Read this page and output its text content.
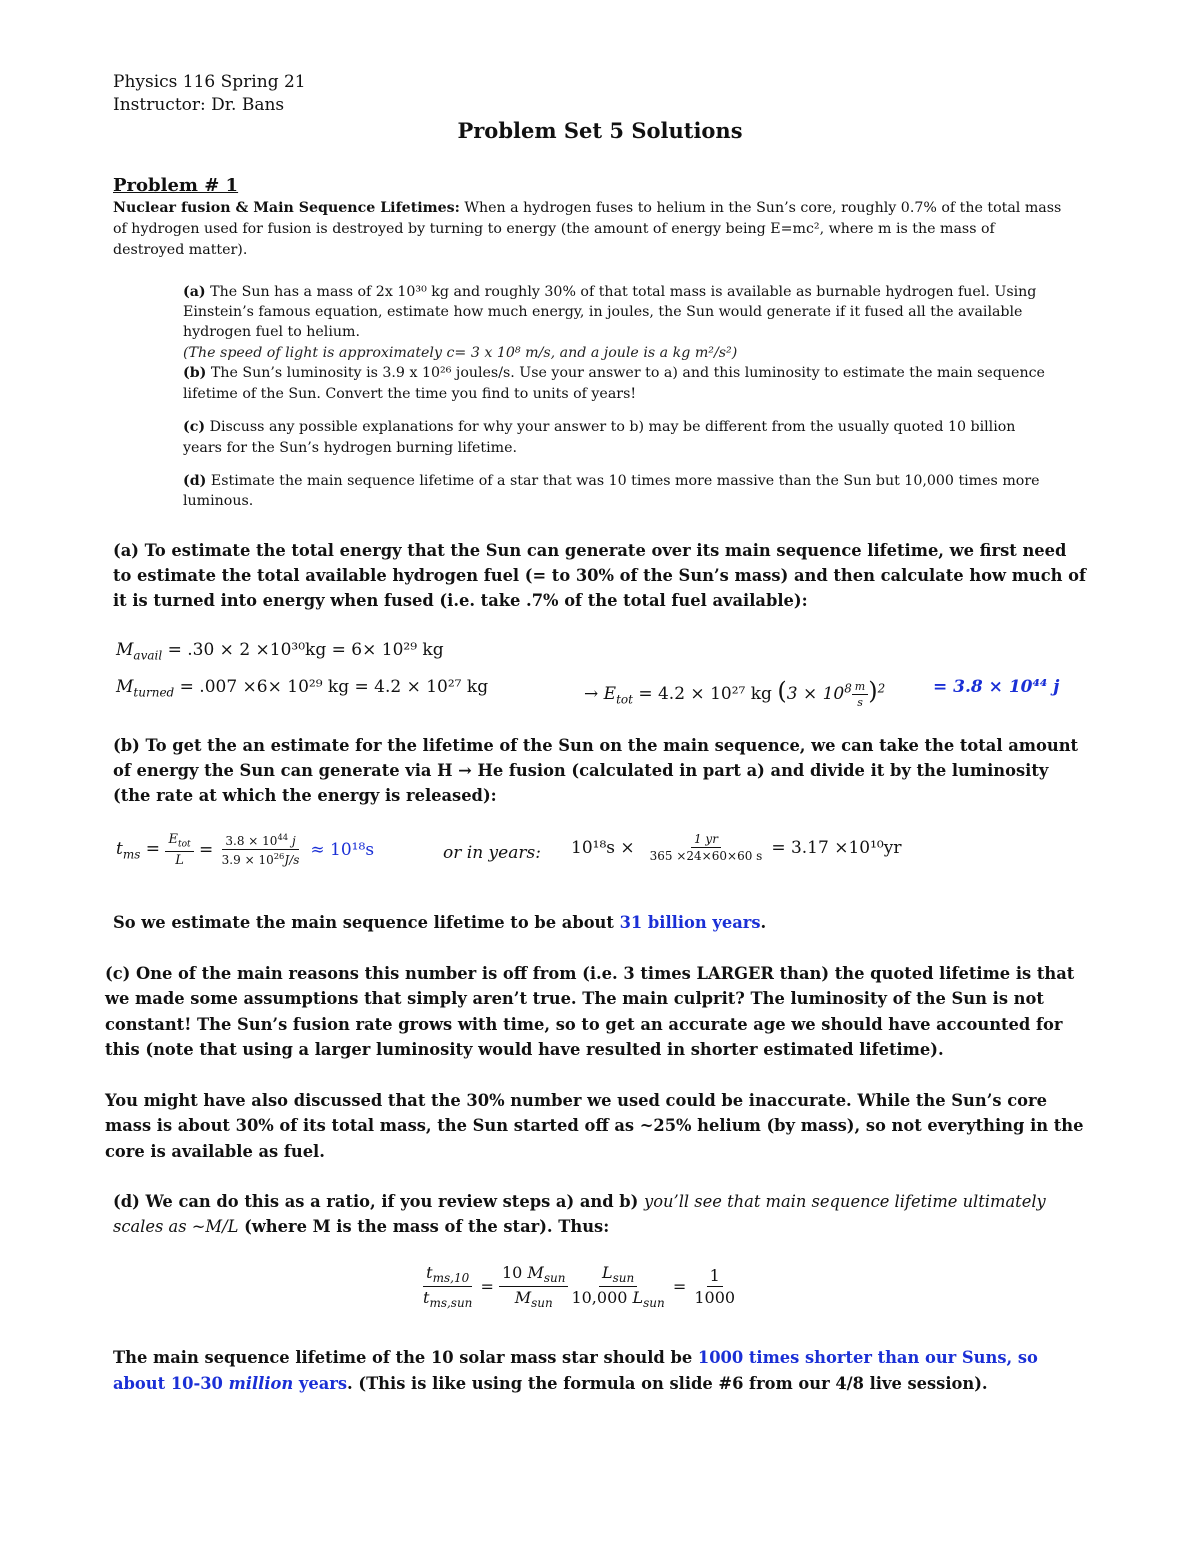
Physics 116 Spring 21
Instructor: Dr. Bans
Problem Set 5 Solutions
Problem # 1
Nuclear fusion & Main Sequence Lifetimes: When a hydrogen fuses to helium in the Sun’s core, roughly 0.7% of the total mass
of hydrogen used for fusion is destroyed by turning to energy (the amount of energy being E=mc², where m is the mass of
destroyed matter).
(a) The Sun has a mass of 2x 10³⁰ kg and roughly 30% of that total mass is available as burnable hydrogen fuel. Using
Einstein’s famous equation, estimate how much energy, in joules, the Sun would generate if it fused all the available
hydrogen fuel to helium.
(The speed of light is approximately c= 3 x 10⁸ m/s, and a joule is a kg m²/s²)
(b) The Sun’s luminosity is 3.9 x 10²⁶ joules/s. Use your answer to a) and this luminosity to estimate the main sequence
lifetime of the Sun. Convert the time you find to units of years!
(c) Discuss any possible explanations for why your answer to b) may be different from the usually quoted 10 billion
years for the Sun’s hydrogen burning lifetime.
(d) Estimate the main sequence lifetime of a star that was 10 times more massive than the Sun but 10,000 times more
luminous.
(a) To estimate the total energy that the Sun can generate over its main sequence lifetime, we first need
to estimate the total available hydrogen fuel (= to 30% of the Sun’s mass) and then calculate how much of
it is turned into energy when fused (i.e. take .7% of the total fuel available):
$M_{avail} = .30 \times 2 \times 10^{30}kg = 6\times 10^{29}$ kg
$M_{turned} = .007 \times 6\times 10^{29}$ kg = 4.2 × 10²⁷ kg	→ $E_{tot} = 4.2 \times 10^{27}$ kg $(3 \times 10^8 \frac{m}{s} )^2$	= 3.8 × 10⁴⁴ j
(b) To get the an estimate for the lifetime of the Sun on the main sequence, we can take the total amount
of energy the Sun can generate via H → He fusion (calculated in part a) and divide it by the luminosity
(the rate at which the energy is released):
$t_{ms} = \frac{E_{tot}}{L} = \frac{3.8 \times 10^{44} j}{3.9 \times 10^{26}J/s} \approx 10^{18}s$	or in years: $10^{18}s \times \frac{1 yr}{365 \times 24\times 60\times 60 s} = 3.17 \times 10^{10}yr$
So we estimate the main sequence lifetime to be about 31 billion years.
(c) One of the main reasons this number is off from (i.e. 3 times LARGER than) the quoted lifetime is that
we made some assumptions that simply aren’t true. The main culprit? The luminosity of the Sun is not
constant! The Sun’s fusion rate grows with time, so to get an accurate age we should have accounted for
this (note that using a larger luminosity would have resulted in shorter estimated lifetime).
You might have also discussed that the 30% number we used could be inaccurate. While the Sun’s core
mass is about 30% of its total mass, the Sun started off as ~25% helium (by mass), so not everything in the
core is available as fuel.
(d) We can do this as a ratio, if you review steps a) and b) you’ll see that main sequence lifetime ultimately
scales as ~M/L (where M is the mass of the star). Thus:
$\frac{t_{ms,10}}{t_{ms,sun}} = \frac{10 M_{sun}}{M_{sun}} \frac{L_{sun}}{10,000 L_{sun}} = \frac{1}{1000}$
The main sequence lifetime of the 10 solar mass star should be 1000 times shorter than our Suns, so
about 10-30 million years. (This is like using the formula on slide #6 from our 4/8 live session).
